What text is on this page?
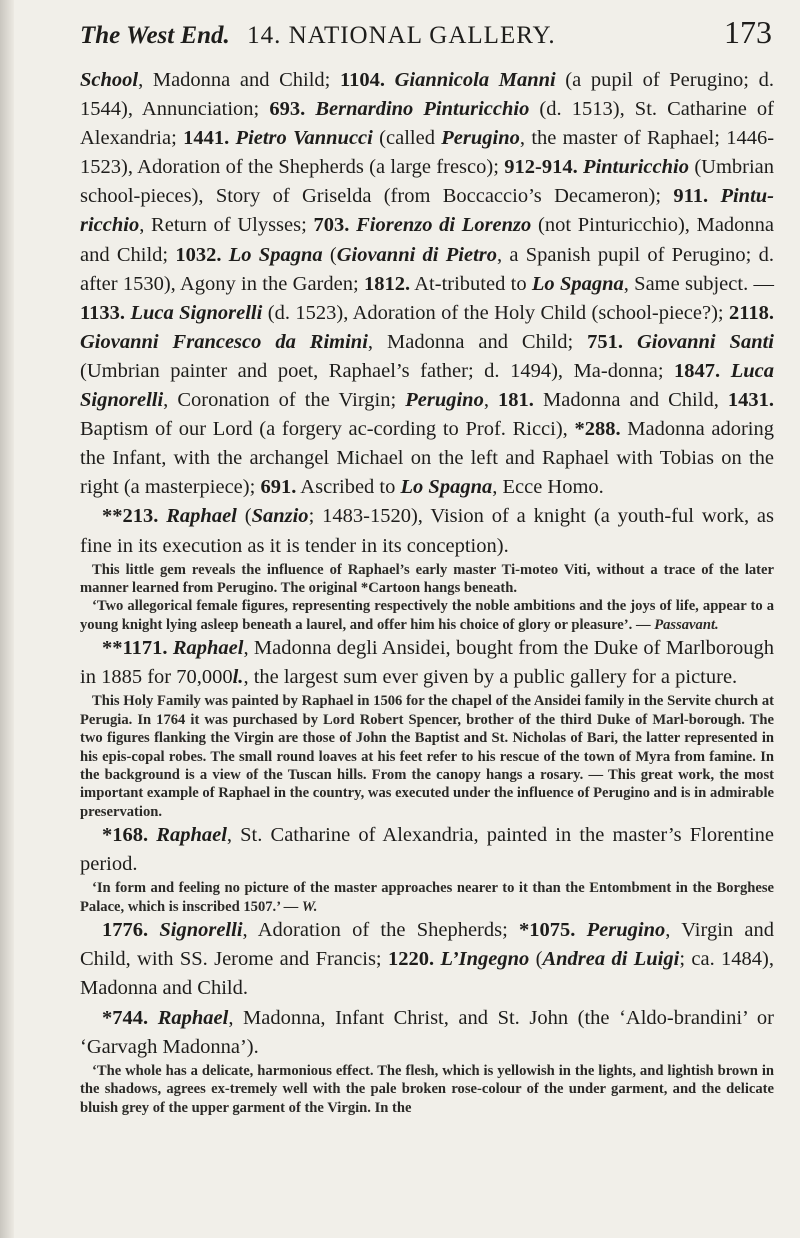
The West End. 14. NATIONAL GALLERY.	173

School, Madonna and Child; 1104. Giannicola Manni (a pupil of Perugino; d. 1544), Annunciation; 693. Bernardino Pinturicchio (d. 1513), St. Catharine of Alexandria; 1441. Pietro Vannucci (called Perugino, the master of Raphael; 1446-1523), Adoration of the Shepherds (a large fresco); 912-914. Pinturicchio (Umbrian school-pieces), Story of Griselda (from Boccaccio’s Decameron); 911. Pintu-ricchio, Return of Ulysses; 703. Fiorenzo di Lorenzo (not Pinturicchio), Madonna and Child; 1032. Lo Spagna (Giovanni di Pietro, a Spanish pupil of Perugino; d. after 1530), Agony in the Garden; 1812. At-tributed to Lo Spagna, Same subject. — 1133. Luca Signorelli (d. 1523), Adoration of the Holy Child (school-piece?); 2118. Giovanni Francesco da Rimini, Madonna and Child; 751. Giovanni Santi (Umbrian painter and poet, Raphael’s father; d. 1494), Ma-donna; 1847. Luca Signorelli, Coronation of the Virgin; Perugino, 181. Madonna and Child, 1431. Baptism of our Lord (a forgery ac-cording to Prof. Ricci), *288. Madonna adoring the Infant, with the archangel Michael on the left and Raphael with Tobias on the right (a masterpiece); 691. Ascribed to Lo Spagna, Ecce Homo.

**213. Raphael (Sanzio; 1483-1520), Vision of a knight (a youth-ful work, as fine in its execution as it is tender in its conception).

This little gem reveals the influence of Raphael’s early master Ti-moteo Viti, without a trace of the later manner learned from Perugino. The original *Cartoon hangs beneath.

‘Two allegorical female figures, representing respectively the noble ambitions and the joys of life, appear to a young knight lying asleep beneath a laurel, and offer him his choice of glory or pleasure’. — Passavant.

**1171. Raphael, Madonna degli Ansidei, bought from the Duke of Marlborough in 1885 for 70,000l., the largest sum ever given by a public gallery for a picture.

This Holy Family was painted by Raphael in 1506 for the chapel of the Ansidei family in the Servite church at Perugia. In 1764 it was purchased by Lord Robert Spencer, brother of the third Duke of Marl-borough. The two figures flanking the Virgin are those of John the Baptist and St. Nicholas of Bari, the latter represented in his epis-copal robes. The small round loaves at his feet refer to his rescue of the town of Myra from famine. In the background is a view of the Tuscan hills. From the canopy hangs a rosary. — This great work, the most important example of Raphael in the country, was executed under the influence of Perugino and is in admirable preservation.

*168. Raphael, St. Catharine of Alexandria, painted in the master’s Florentine period.

‘In form and feeling no picture of the master approaches nearer to it than the Entombment in the Borghese Palace, which is inscribed 1507.’ — W.

1776. Signorelli, Adoration of the Shepherds; *1075. Perugino, Virgin and Child, with SS. Jerome and Francis; 1220. L’Ingegno (Andrea di Luigi; ca. 1484), Madonna and Child.

*744. Raphael, Madonna, Infant Christ, and St. John (the ‘Aldo-brandini’ or ‘Garvagh Madonna’).

‘The whole has a delicate, harmonious effect. The flesh, which is yellowish in the lights, and lightish brown in the shadows, agrees ex-tremely well with the pale broken rose-colour of the under garment, and the delicate bluish grey of the upper garment of the Virgin. In the
